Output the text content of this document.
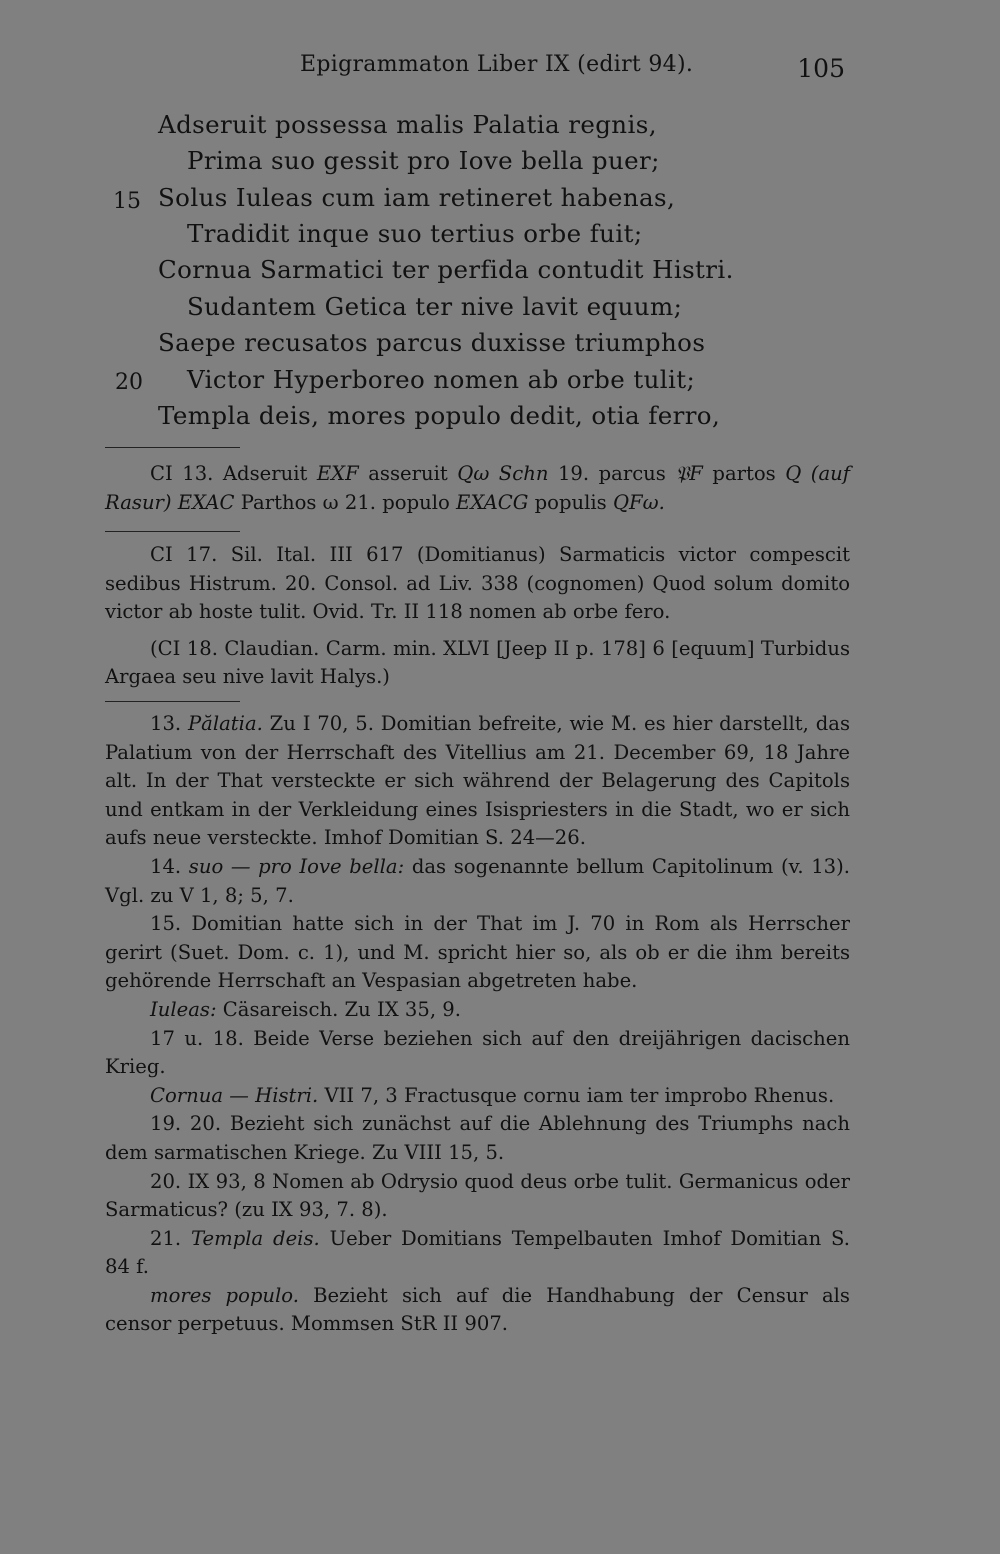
Epigrammaton Liber IX (edirt 94).	105
Adseruit possessa malis Palatia regnis,
Prima suo gessit pro Iove bella puer;
15 Solus Iuleas cum iam retineret habenas,
Tradidit inque suo tertius orbe fuit;
Cornua Sarmatici ter perfida contudit Histri.
Sudantem Getica ter nive lavit equum;
Saepe recusatos parcus duxisse triumphos
20 Victor Hyperboreo nomen ab orbe tulit;
Templa deis, mores populo dedit, otia ferro,

CI 13. Adseruit EXF asseruit Qω Schn 19. parcus 𝔓F partos Q (auf Rasur) EXAC Parthos ω 21. populo EXACG populis QFω.

CI 17. Sil. Ital. III 617 (Domitianus) Sarmaticis victor compescit sedibus Histrum. 20. Consol. ad Liv. 338 (cognomen) Quod solum domito victor ab hoste tulit. Ovid. Tr. II 118 nomen ab orbe fero.

(CI 18. Claudian. Carm. min. XLVI [Jeep II p. 178] 6 [equum] Turbidus Argaea seu nive lavit Halys.)

13. Pălatia. Zu I 70, 5. Domitian befreite, wie M. es hier darstellt, das Palatium von der Herrschaft des Vitellius am 21. December 69, 18 Jahre alt. In der That versteckte er sich während der Belagerung des Capitols und entkam in der Verkleidung eines Isispriesters in die Stadt, wo er sich aufs neue versteckte. Imhof Domitian S. 24—26.

14. suo — pro Iove bella: das sogenannte bellum Capitolinum (v. 13). Vgl. zu V 1, 8; 5, 7.

15. Domitian hatte sich in der That im J. 70 in Rom als Herrscher gerirt (Suet. Dom. c. 1), und M. spricht hier so, als ob er die ihm bereits gehörende Herrschaft an Vespasian abgetreten habe.

Iuleas: Cäsareisch. Zu IX 35, 9.

17 u. 18. Beide Verse beziehen sich auf den dreijährigen dacischen Krieg.

Cornua — Histri. VII 7, 3 Fractusque cornu iam ter improbo Rhenus.

19. 20. Bezieht sich zunächst auf die Ablehnung des Triumphs nach dem sarmatischen Kriege. Zu VIII 15, 5.

20. IX 93, 8 Nomen ab Odrysio quod deus orbe tulit. Germanicus oder Sarmaticus? (zu IX 93, 7. 8).

21. Templa deis. Ueber Domitians Tempelbauten Imhof Domitian S. 84 f.

mores populo. Bezieht sich auf die Handhabung der Censur als censor perpetuus. Mommsen StR II 907.
